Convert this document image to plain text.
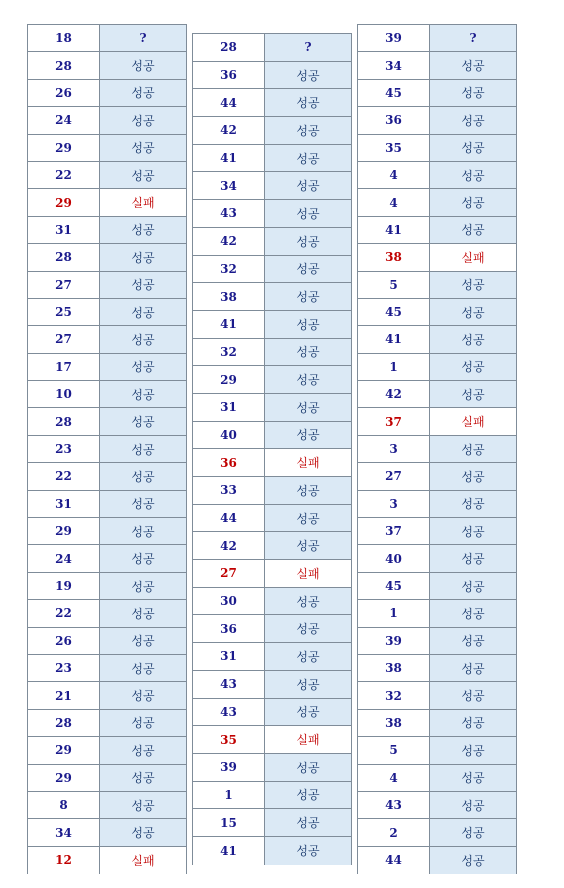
18	?
28	성공
26	성공
24	성공
29	성공
22	성공
29	실패
31	성공
28	성공
27	성공
25	성공
27	성공
17	성공
10	성공
28	성공
23	성공
22	성공
31	성공
29	성공
24	성공
19	성공
22	성공
26	성공
23	성공
21	성공
28	성공
29	성공
29	성공
8	성공
34	성공
12	실패
28	?
36	성공
44	성공
42	성공
41	성공
34	성공
43	성공
42	성공
32	성공
38	성공
41	성공
32	성공
29	성공
31	성공
40	성공
36	실패
33	성공
44	성공
42	성공
27	실패
30	성공
36	성공
31	성공
43	성공
43	성공
35	실패
39	성공
1	성공
15	성공
41	성공
39	?
34	성공
45	성공
36	성공
35	성공
4	성공
4	성공
41	성공
38	실패
5	성공
45	성공
41	성공
1	성공
42	성공
37	실패
3	성공
27	성공
3	성공
37	성공
40	성공
45	성공
1	성공
39	성공
38	성공
32	성공
38	성공
5	성공
4	성공
43	성공
2	성공
44	성공
